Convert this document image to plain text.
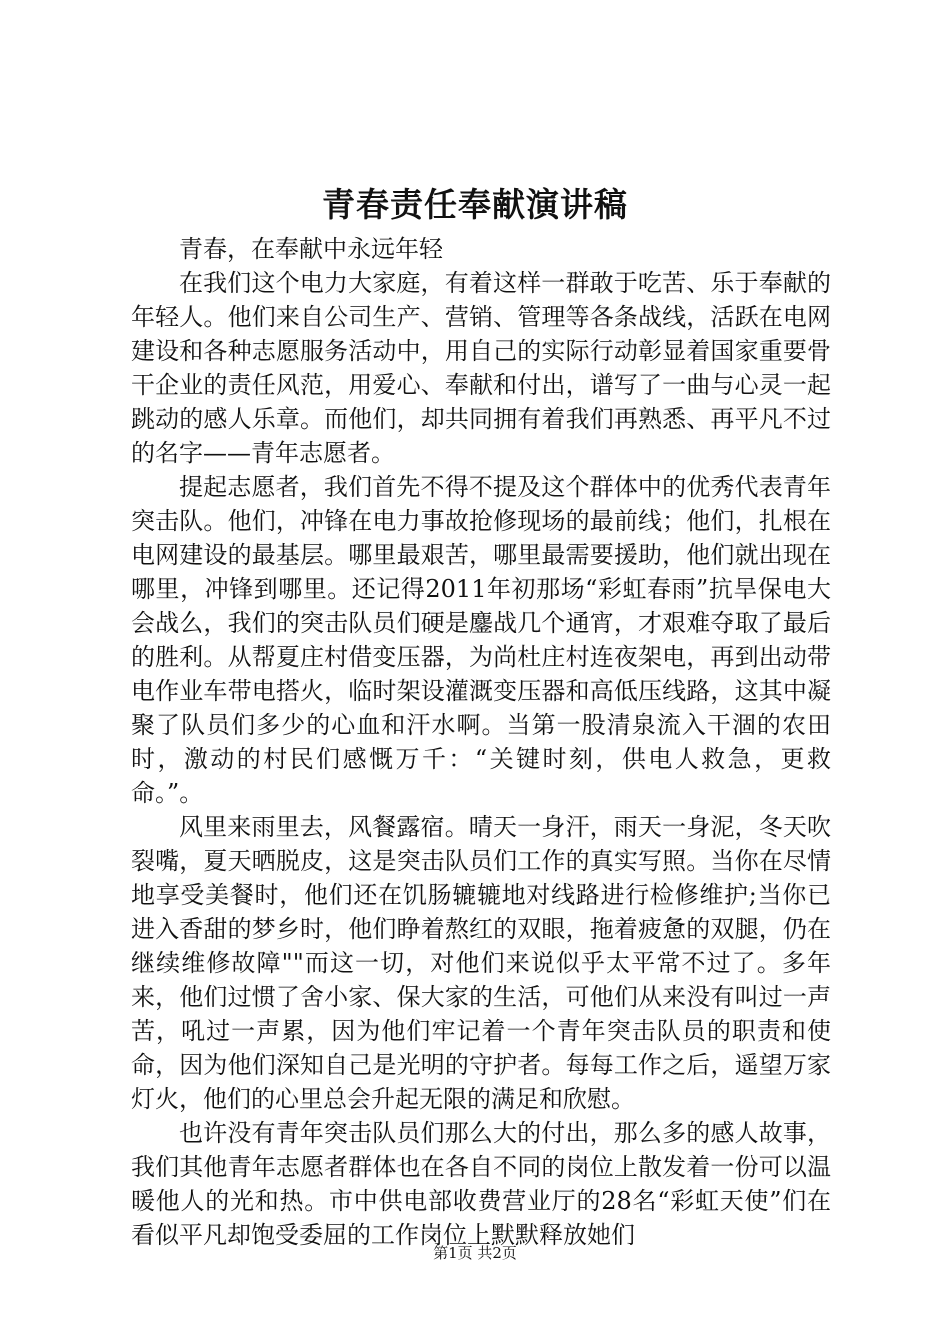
青春责任奉献演讲稿

青春，在奉献中永远年轻

在我们这个电力大家庭，有着这样一群敢于吃苦、乐于奉献的年轻人。他们来自公司生产、营销、管理等各条战线，活跃在电网建设和各种志愿服务活动中，用自己的实际行动彰显着国家重要骨干企业的责任风范，用爱心、奉献和付出，谱写了一曲与心灵一起跳动的感人乐章。而他们，却共同拥有着我们再熟悉、再平凡不过的名字——青年志愿者。

提起志愿者，我们首先不得不提及这个群体中的优秀代表青年突击队。他们，冲锋在电力事故抢修现场的最前线；他们，扎根在电网建设的最基层。哪里最艰苦，哪里最需要援助，他们就出现在哪里，冲锋到哪里。还记得2011年初那场“彩虹春雨”抗旱保电大会战么，我们的突击队员们硬是鏖战几个通宵，才艰难夺取了最后的胜利。从帮夏庄村借变压器，为尚杜庄村连夜架电，再到出动带电作业车带电搭火，临时架设灌溉变压器和高低压线路，这其中凝聚了队员们多少的心血和汗水啊。当第一股清泉流入干涸的农田时，激动的村民们感慨万千：“关键时刻，供电人救急，更救命。”。

风里来雨里去，风餐露宿。晴天一身汗，雨天一身泥，冬天吹裂嘴，夏天晒脱皮，这是突击队员们工作的真实写照。当你在尽情地享受美餐时，他们还在饥肠辘辘地对线路进行检修维护;当你已进入香甜的梦乡时，他们睁着熬红的双眼，拖着疲惫的双腿，仍在继续维修故障""而这一切，对他们来说似乎太平常不过了。多年来，他们过惯了舍小家、保大家的生活，可他们从来没有叫过一声苦，吼过一声累，因为他们牢记着一个青年突击队员的职责和使命，因为他们深知自己是光明的守护者。每每工作之后，遥望万家灯火，他们的心里总会升起无限的满足和欣慰。

也许没有青年突击队员们那么大的付出，那么多的感人故事，我们其他青年志愿者群体也在各自不同的岗位上散发着一份可以温暖他人的光和热。市中供电部收费营业厅的28名“彩虹天使”们在看似平凡却饱受委屈的工作岗位上默默释放她们

第1页 共2页
